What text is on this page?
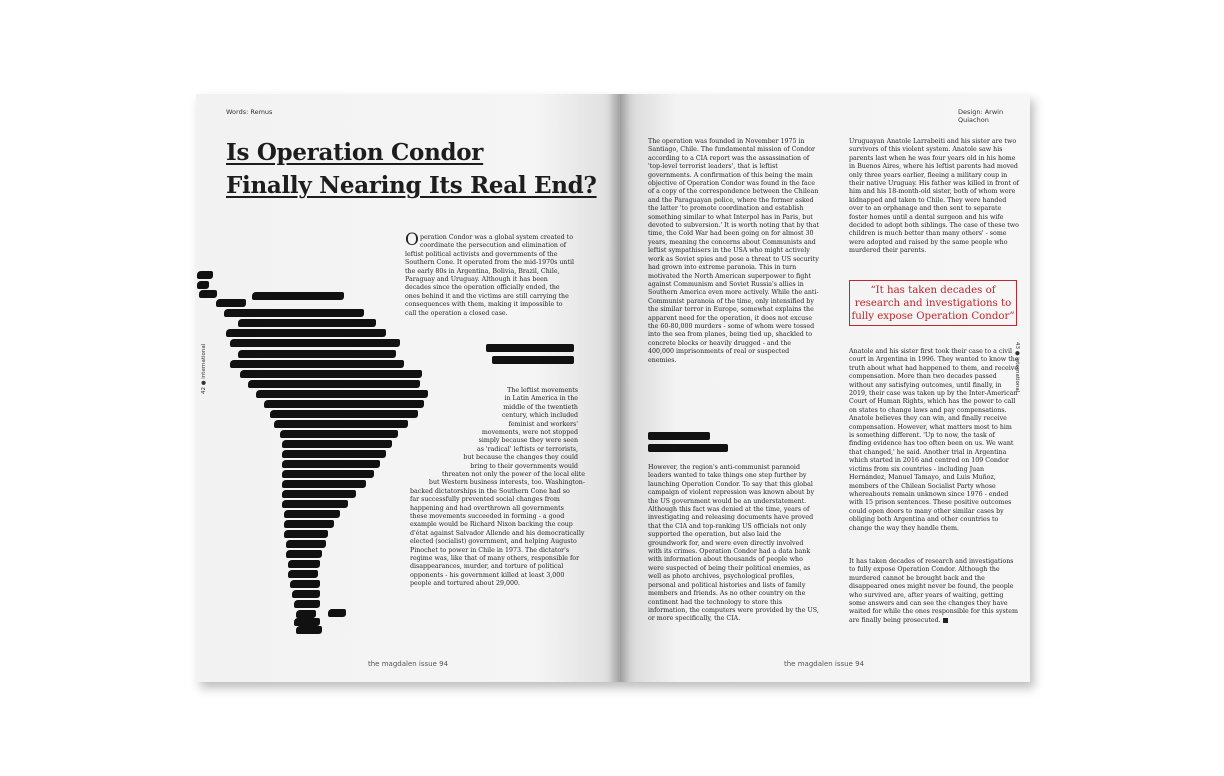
Words: Remus
42 ● international
Is Operation Condor
Finally Nearing Its Real End?
Operation Condor was a global system created to coordinate the persecution and elimination of leftist political activists and governments of the Southern Cone. It operated from the mid-1970s until the early 80s in Argentina, Bolivia, Brazil, Chile, Paraguay and Uruguay. Although it has been decades since the operation officially ended, the ones behind it and the victims are still carrying the consequences with them, making it impossible to call the operation a closed case.
The leftist movements
in Latin America in the
middle of the twentieth
century, which included
feminist and workers'
movements, were not stopped
simply because they were seen
as 'radical' leftists or terrorists,
but because the changes they could
bring to their governments would
threaten not only the power of the local elite
but Western business interests, too. Washington-
backed dictatorships in the Southern Cone had so
far successfully prevented social changes from
happening and had overthrown all governments
these movements succeeded in forming - a good
example would be Richard Nixon backing the coup
d'état against Salvador Allende and his democratically
elected (socialist) government, and helping Augusto
Pinochet to power in Chile in 1973. The dictator's
regime was, like that of many others, responsible for
disappearances, murder, and torture of political
opponents - his government killed at least 3,000
people and tortured about 29,000.
the magdalen issue 94
Design: Arwin Quiachon
43 ● international
The operation was founded in November 1975 in Santiago, Chile. The fundamental mission of Condor according to a CIA report was the assassination of 'top-level terrorist leaders', that is leftist governments. A confirmation of this being the main objective of Operation Condor was found in the face of a copy of the correspondence between the Chilean and the Paraguayan police, where the former asked the latter 'to promote coordination and establish something similar to what Interpol has in Paris, but devoted to subversion.' It is worth noting that by that time, the Cold War had been going on for almost 30 years, meaning the concerns about Communists and leftist sympathisers in the USA who might actively work as Soviet spies and pose a threat to US security had grown into extreme paranoia. This in turn motivated the North American superpower to fight against Communism and Soviet Russia's allies in Southern America even more actively. While the anti-Communist paranoia of the time, only intensified by the similar terror in Europe, somewhat explains the apparent need for the operation, it does not excuse the 60-80,000 murders - some of whom were tossed into the sea from planes, being tied up, shackled to concrete blocks or heavily drugged - and the 400,000 imprisonments of real or suspected enemies.
However, the region's anti-communist paranoid leaders wanted to take things one step further by launching Operation Condor. To say that this global campaign of violent repression was known about by the US government would be an understatement. Although this fact was denied at the time, years of investigating and releasing documents have proved that the CIA and top-ranking US officials not only supported the operation, but also laid the groundwork for, and were even directly involved with its crimes. Operation Condor had a data bank with information about thousands of people who were suspected of being their political enemies, as well as photo archives, psychological profiles, personal and political histories and lists of family members and friends. As no other country on the continent had the technology to store this information, the computers were provided by the US, or more specifically, the CIA.
Uruguayan Anatole Larrabeiti and his sister are two survivors of this violent system. Anatole saw his parents last when he was four years old in his home in Buenos Aires, where his leftist parents had moved only three years earlier, fleeing a military coup in their native Uruguay. His father was killed in front of him and his 18-month-old sister, both of whom were kidnapped and taken to Chile. They were handed over to an orphanage and then sent to separate foster homes until a dental surgeon and his wife decided to adopt both siblings. The case of these two children is much better than many others' - some were adopted and raised by the same people who murdered their parents.
“It has taken decades of research and investigations to fully expose Operation Condor”
Anatole and his sister first took their case to a civil court in Argentina in 1996. They wanted to know the truth about what had happened to them, and receive compensation. More than two decades passed without any satisfying outcomes, until finally, in 2019, their case was taken up by the Inter-American Court of Human Rights, which has the power to call on states to change laws and pay compensations. Anatole believes they can win, and finally receive compensation. However, what matters most to him is something different. 'Up to now, the task of finding evidence has too often been on us. We want that changed,' he said. Another trial in Argentina which started in 2016 and centred on 109 Condor victims from six countries - including Juan Hernández, Manuel Tamayo, and Luis Muñoz, members of the Chilean Socialist Party whose whereabouts remain unknown since 1976 - ended with 15 prison sentences. These positive outcomes could open doors to many other similar cases by obliging both Argentina and other countries to change the way they handle them.
It has taken decades of research and investigations to fully expose Operation Condor. Although the murdered cannot be brought back and the disappeared ones might never be found, the people who survived are, after years of waiting, getting some answers and can see the changes they have waited for while the ones responsible for this system are finally being prosecuted.
the magdalen issue 94
